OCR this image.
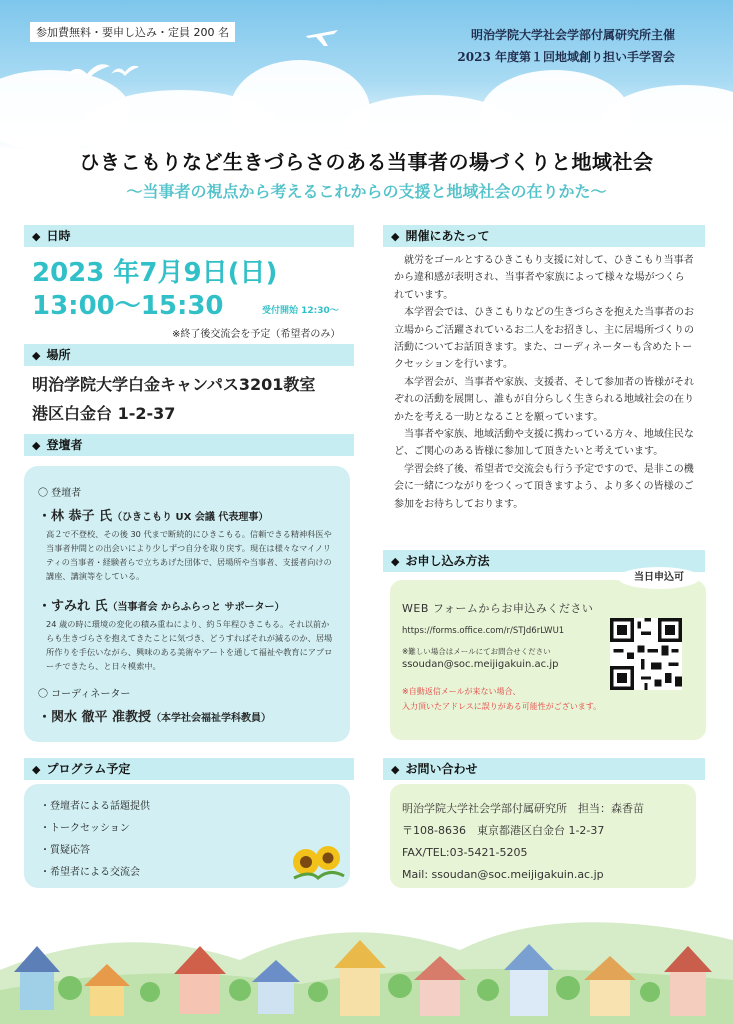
参加費無料・要申し込み・定員 200 名	明治学院大学社会学部付属研究所主催
2023 年度第１回地域創り担い手学習会
ひきこもりなど生きづらさのある当事者の場づくりと地域社会
〜当事者の視点から考えるこれからの支援と地域社会の在りかた〜
◆ 日時
2023 年7月9日(日)
13:00〜15:30	受付開始 12:30〜
※終了後交流会を予定（希望者のみ）
◆ 場所
明治学院大学白金キャンパス3201教室
港区白金台 1-2-37
◆ 登壇者
〇 登壇者
・林 恭子 氏（ひきこもり UX 会議 代表理事）
高２で不登校、その後 30 代まで断続的にひきこもる。信頼できる精神科医や当事者仲間との出会いにより少しずつ自分を取り戻す。現在は様々なマイノリティの当事者・経験者らで立ちあげた団体で、居場所や当事者、支援者向けの講座、講演等をしている。
・すみれ 氏（当事者会 からふらっと サポーター）
24 歳の時に環境の変化の積み重ねにより、約５年程ひきこもる。それ以前からも生きづらさを抱えてきたことに気づき、どうすればそれが減るのか、居場所作りを手伝いながら、興味のある美術やアートを通して福祉や教育にアプローチできたら、と日々模索中。
〇 コーディネーター
・関水 徹平 准教授（本学社会福祉学科教員）
◆ プログラム予定
・登壇者による話題提供
・トークセッション
・質疑応答
・希望者による交流会
◆ 開催にあたって

就労をゴールとするひきこもり支援に対して、ひきこもり当事者から違和感が表明され、当事者や家族によって様々な場がつくられています。

本学習会では、ひきこもりなどの生きづらさを抱えた当事者のお立場からご活躍されているお二人をお招きし、主に居場所づくりの活動についてお話頂きます。また、コーディネーターも含めたトークセッションを行います。

本学習会が、当事者や家族、支援者、そして参加者の皆様がそれぞれの活動を展開し、誰もが自分らしく生きられる地域社会の在りかたを考える一助となることを願っています。

当事者や家族、地域活動や支援に携わっている方々、地域住民など、ご関心のある皆様に参加して頂きたいと考えています。

学習会終了後、希望者で交流会も行う予定ですので、是非この機会に一緒につながりをつくって頂きますよう、より多くの皆様のご参加をお待ちしております。

◆ お申し込み方法
WEB フォームからお申込みください
https://forms.office.com/r/STJd6rLWU1
※難しい場合はメールにてお問合せください
ssoudan@soc.meijigakuin.ac.jp
※自動返信メールが来ない場合、
入力頂いたアドレスに誤りがある可能性がございます。
当日申込可
◆ お問い合わせ
明治学院大学社会学部付属研究所　担当：森香苗
〒108-8636　東京都港区白金台 1-2-37
FAX/TEL:03-5421-5205
Mail: ssoudan@soc.meijigakuin.ac.jp
